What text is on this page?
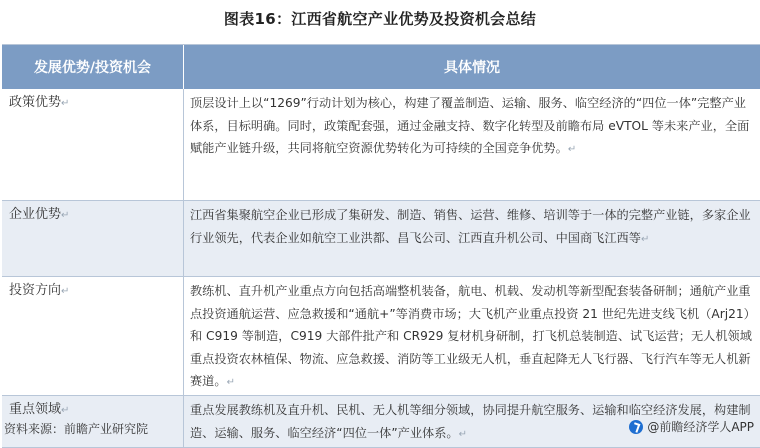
图表16：江西省航空产业优势及投资机会总结
发展优势/投资机会	具体情况
政策优势↵	顶层设计上以“1269”行动计划为核心，构建了覆盖制造、运输、服务、临空经济的“四位一体”完整产业体系，目标明确。同时，政策配套强，通过金融支持、数字化转型及前瞻布局 eVTOL 等未来产业，全面赋能产业链升级，共同将航空资源优势转化为可持续的全国竞争优势。↵
企业优势↵	江西省集聚航空企业已形成了集研发、制造、销售、运营、维修、培训等于一体的完整产业链，多家企业行业领先，代表企业如航空工业洪都、昌飞公司、江西直升机公司、中国商飞江西等↵
投资方向↵	教练机、直升机产业重点方向包括高端整机装备，航电、机载、发动机等新型配套装备研制；通航产业重点投资通航运营、应急救援和“通航+”等消费市场；大飞机产业重点投资 21 世纪先进支线飞机（Arj21）和 C919 等制造，C919 大部件批产和 CR929 复材机身研制，打飞机总装制造、试飞运营；无人机领域重点投资农林植保、物流、应急救援、消防等工业级无人机，垂直起降无人飞行器、飞行汽车等无人机新赛道。↵
重点领域↵	重点发展教练机及直升机、民机、无人机等细分领域，协同提升航空服务、运输和临空经济发展，构建制造、运输、服务、临空经济“四位一体”产业体系。↵
资料来源：前瞻产业研究院	@前瞻经济学人APP
